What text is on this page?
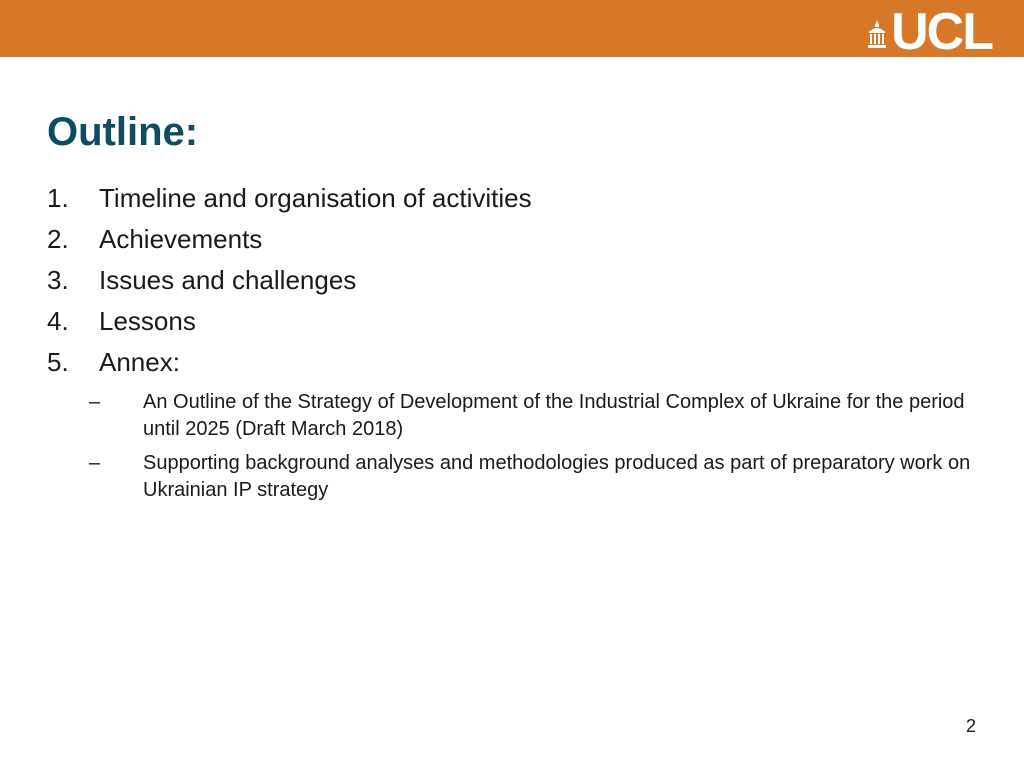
UCL
Outline:
1.	Timeline and organisation of activities
2.	Achievements
3.	Issues and challenges
4.	Lessons
5.	Annex:
–	An Outline of the Strategy of Development of the Industrial Complex of Ukraine for the period until 2025 (Draft March 2018)
–	Supporting background analyses and methodologies produced as part of preparatory work on Ukrainian IP strategy
2
